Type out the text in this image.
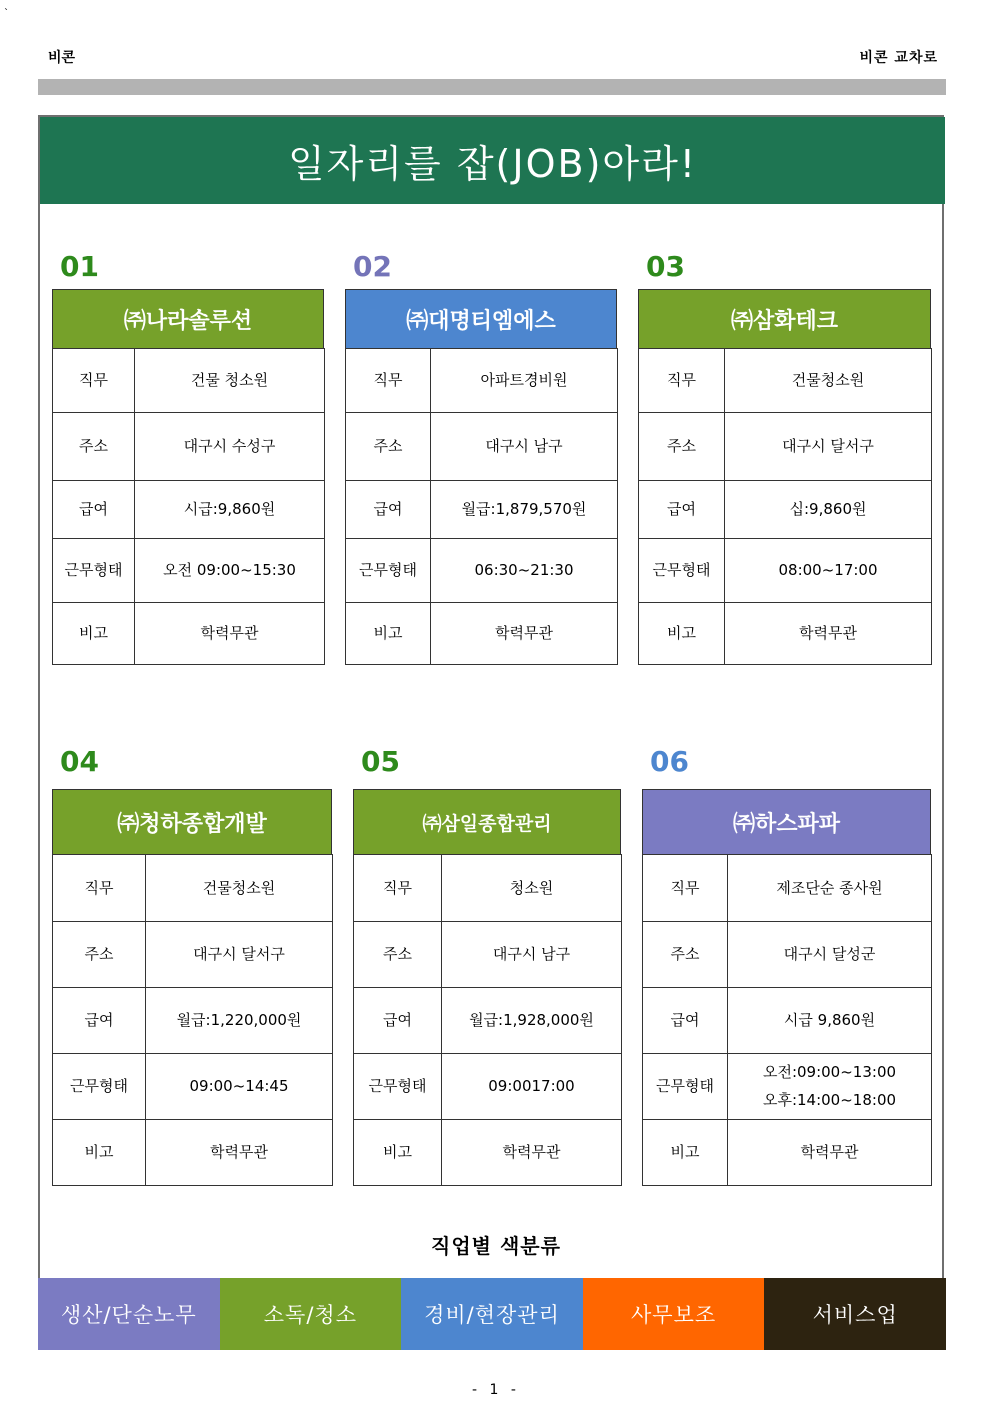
`
비콘	비콘 교차로
일자리를 잡(JOB)아라!
01
㈜나라솔루션
직무	건물 청소원
주소	대구시 수성구
급여	시급:9,860원
근무형태	오전 09:00~15:30
비고	학력무관
02
㈜대명티엠에스
직무	아파트경비원
주소	대구시 남구
급여	월급:1,879,570원
근무형태	06:30~21:30
비고	학력무관
03
㈜삼화테크
직무	건물청소원
주소	대구시 달서구
급여	십:9,860원
근무형태	08:00~17:00
비고	학력무관
04
㈜청하종합개발
직무	건물청소원
주소	대구시 달서구
급여	월급:1,220,000원
근무형태	09:00~14:45
비고	학력무관
05
㈜삼일종합관리
직무	청소원
주소	대구시 남구
급여	월급:1,928,000원
근무형태	09:0017:00
비고	학력무관
06
㈜하스파파
직무	제조단순 종사원
주소	대구시 달성군
급여	시급 9,860원
근무형태	오전:09:00~13:00
오후:14:00~18:00

비고	학력무관
직업별 색분류
생산/단순노무	소독/청소	경비/현장관리	사무보조	서비스업
- 1 -
